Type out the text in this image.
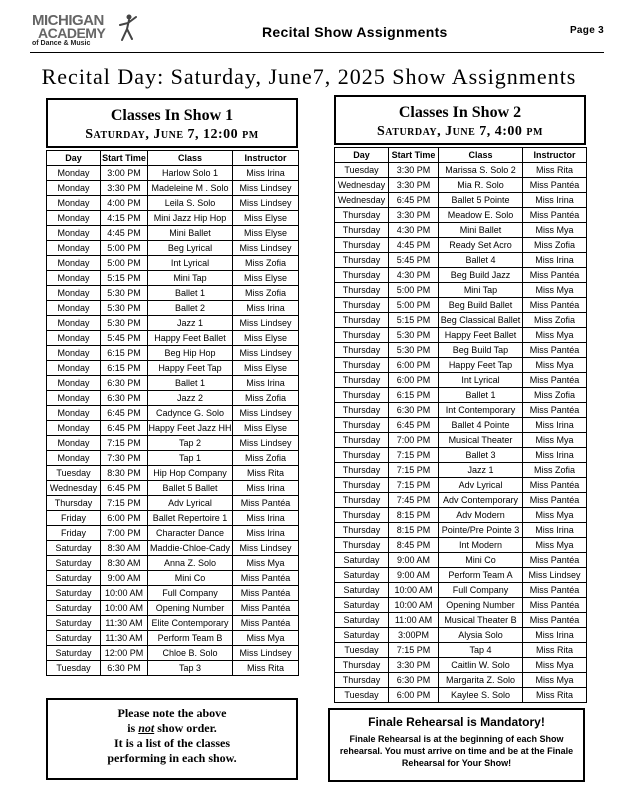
MICHIGAN
ACADEMY
of Dance & Music
Recital Show Assignments	Page 3
Recital Day: Saturday, June7, 2025 Show Assignments
Classes In Show 1
Saturday, June 7, 12:00 pm
Day	Start Time	Class	Instructor
Monday	3:00 PM	Harlow Solo 1	Miss Irina
Monday	3:30 PM	Madeleine M . Solo	Miss Lindsey
Monday	4:00 PM	Leila S. Solo	Miss Lindsey
Monday	4:15 PM	Mini Jazz Hip Hop	Miss Elyse
Monday	4:45 PM	Mini Ballet	Miss Elyse
Monday	5:00 PM	Beg Lyrical	Miss Lindsey
Monday	5:00 PM	Int Lyrical	Miss Zofia
Monday	5:15 PM	Mini Tap	Miss Elyse
Monday	5:30 PM	Ballet 1	Miss Zofia
Monday	5:30 PM	Ballet 2	Miss Irina
Monday	5:30 PM	Jazz 1	Miss Lindsey
Monday	5:45 PM	Happy Feet Ballet	Miss Elyse
Monday	6:15 PM	Beg Hip Hop	Miss Lindsey
Monday	6:15 PM	Happy Feet Tap	Miss Elyse
Monday	6:30 PM	Ballet 1	Miss Irina
Monday	6:30 PM	Jazz 2	Miss Zofia
Monday	6:45 PM	Cadynce G. Solo	Miss Lindsey
Monday	6:45 PM	Happy Feet Jazz HH	Miss Elyse
Monday	7:15 PM	Tap 2	Miss Lindsey
Monday	7:30 PM	Tap 1	Miss Zofia
Tuesday	8:30 PM	Hip Hop Company	Miss Rita
Wednesday	6:45 PM	Ballet 5 Ballet	Miss Irina
Thursday	7:15 PM	Adv Lyrical	Miss Pantéa
Friday	6:00 PM	Ballet Repertoire 1	Miss Irina
Friday	7:00 PM	Character Dance	Miss Irina
Saturday	8:30 AM	Maddie-Chloe-Cady	Miss Lindsey
Saturday	8:30 AM	Anna Z. Solo	Miss Mya
Saturday	9:00 AM	Mini Co	Miss Pantéa
Saturday	10:00 AM	Full Company	Miss Pantéa
Saturday	10:00 AM	Opening Number	Miss Pantéa
Saturday	11:30 AM	Elite Contemporary	Miss Pantéa
Saturday	11:30 AM	Perform Team B	Miss Mya
Saturday	12:00 PM	Chloe B. Solo	Miss Lindsey
Tuesday	6:30 PM	Tap 3	Miss Rita
Classes In Show 2
Saturday, June 7, 4:00 pm
Day	Start Time	Class	Instructor
Tuesday	3:30 PM	Marissa S. Solo 2	Miss Rita
Wednesday	3:30 PM	Mia R. Solo	Miss Pantéa
Wednesday	6:45 PM	Ballet 5 Pointe	Miss Irina
Thursday	3:30 PM	Meadow E. Solo	Miss Pantéa
Thursday	4:30 PM	Mini Ballet	Miss Mya
Thursday	4:45 PM	Ready Set Acro	Miss Zofia
Thursday	5:45 PM	Ballet 4	Miss Irina
Thursday	4:30 PM	Beg Build Jazz	Miss Pantéa
Thursday	5:00 PM	Mini Tap	Miss Mya
Thursday	5:00 PM	Beg Build Ballet	Miss Pantéa
Thursday	5:15 PM	Beg Classical Ballet	Miss Zofia
Thursday	5:30 PM	Happy Feet Ballet	Miss Mya
Thursday	5:30 PM	Beg Build Tap	Miss Pantéa
Thursday	6:00 PM	Happy Feet Tap	Miss Mya
Thursday	6:00 PM	Int Lyrical	Miss Pantéa
Thursday	6:15 PM	Ballet 1	Miss Zofia
Thursday	6:30 PM	Int Contemporary	Miss Pantéa
Thursday	6:45 PM	Ballet 4 Pointe	Miss Irina
Thursday	7:00 PM	Musical Theater	Miss Mya
Thursday	7:15 PM	Ballet 3	Miss Irina
Thursday	7:15 PM	Jazz 1	Miss Zofia
Thursday	7:15 PM	Adv Lyrical	Miss Pantéa
Thursday	7:45 PM	Adv Contemporary	Miss Pantéa
Thursday	8:15 PM	Adv Modern	Miss Mya
Thursday	8:15 PM	Pointe/Pre Pointe 3	Miss Irina
Thursday	8:45 PM	Int Modern	Miss Mya
Saturday	9:00 AM	Mini Co	Miss Pantéa
Saturday	9:00 AM	Perform Team A	Miss Lindsey
Saturday	10:00 AM	Full Company	Miss Pantéa
Saturday	10:00 AM	Opening Number	Miss Pantéa
Saturday	11:00 AM	Musical Theater B	Miss Pantéa
Saturday	3:00PM	Alysia Solo	Miss Irina
Tuesday	7:15 PM	Tap 4	Miss Rita
Thursday	3:30 PM	Caitlin W. Solo	Miss Mya
Thursday	6:30 PM	Margarita Z. Solo	Miss Mya
Tuesday	6:00 PM	Kaylee S. Solo	Miss Rita
Please note the above
is not show order.
It is a list of the classes
performing in each show.
Finale Rehearsal is Mandatory!
Finale Rehearsal is at the beginning of each Show rehearsal. You must arrive on time and be at the Finale Rehearsal for Your Show!
